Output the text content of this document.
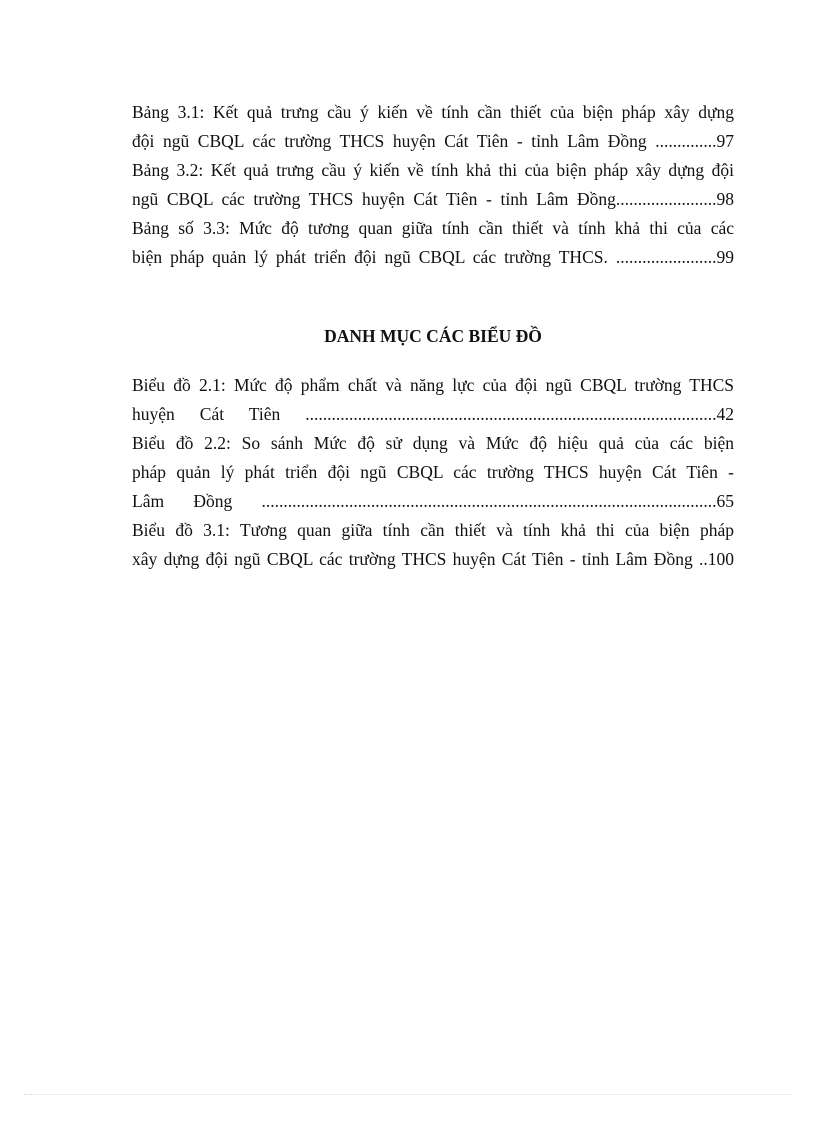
Bảng 3.1: Kết quả trưng cầu ý kiến về tính cần thiết của biện pháp xây dựng
đội ngũ CBQL các trường THCS huyện Cát Tiên - tỉnh Lâm Đồng ..............97
Bảng 3.2: Kết quả trưng cầu ý kiến về tính khả thi của biện pháp xây dựng đội
ngũ CBQL các trường THCS huyện Cát Tiên - tỉnh Lâm Đồng.......................98
Bảng số 3.3: Mức độ tương quan giữa tính cần thiết và tính khả thi của các
biện pháp quản lý phát triển đội ngũ CBQL các trường THCS. .......................99
DANH MỤC CÁC BIỂU ĐỒ
Biểu đồ 2.1: Mức độ phẩm chất và năng lực của đội ngũ CBQL trường THCS
huyện Cát Tiên ..............................................................................................42
Biểu đồ 2.2: So sánh Mức độ sử dụng và Mức độ hiệu quả của các biện
pháp quản lý phát triển đội ngũ CBQL các trường THCS huyện Cát Tiên -
Lâm Đồng ........................................................................................................65
Biểu đồ 3.1: Tương quan giữa tính cần thiết và tính khả thi của biện pháp
xây dựng đội ngũ CBQL các trường THCS huyện Cát Tiên - tỉnh Lâm Đồng ..100
